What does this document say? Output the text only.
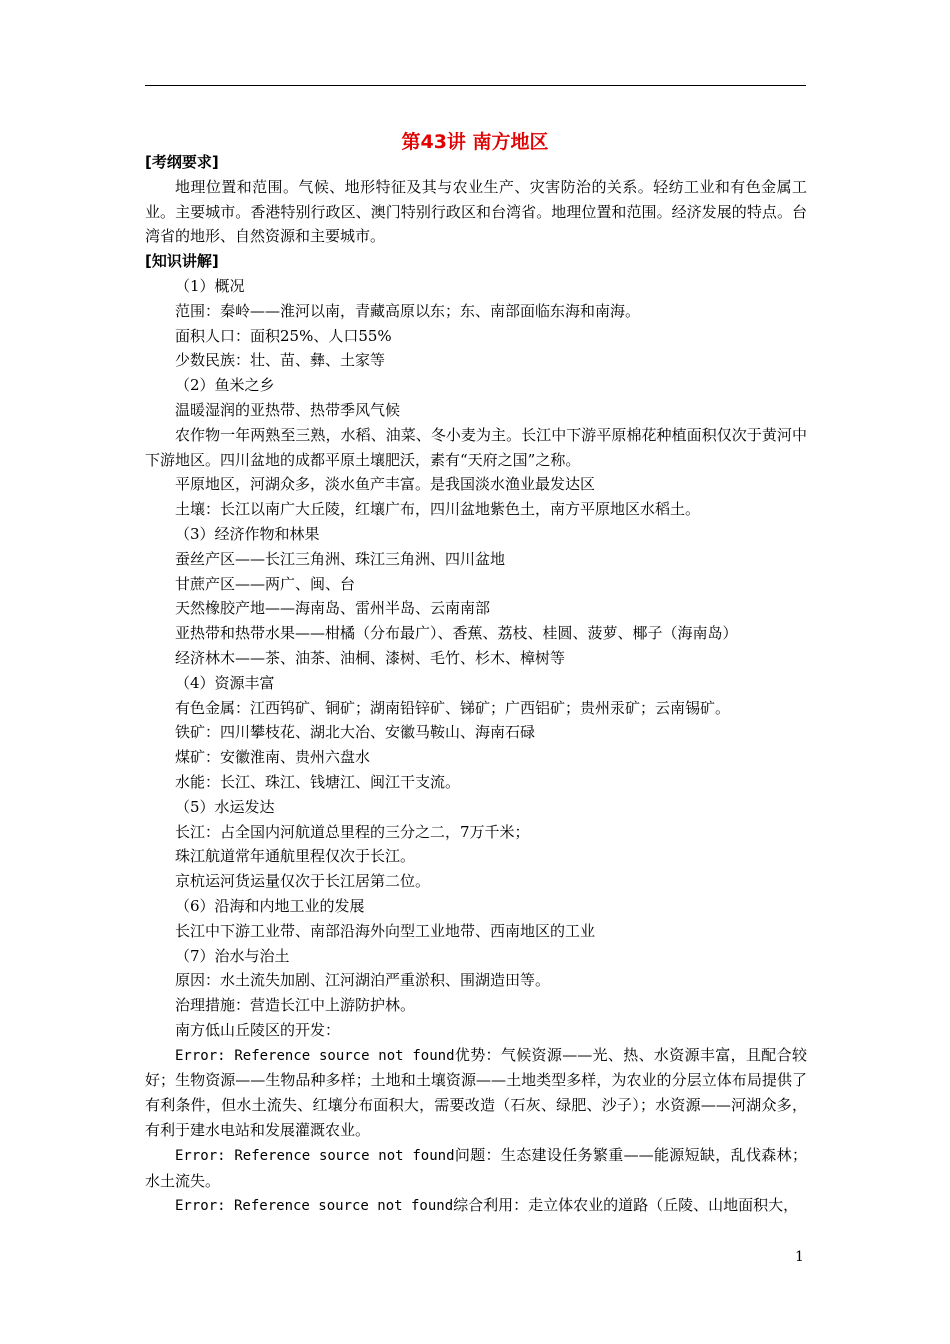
第43讲 南方地区

[考纲要求]

地理位置和范围。气候、地形特征及其与农业生产、灾害防治的关系。轻纺工业和有色金属工业。主要城市。香港特别行政区、澳门特别行政区和台湾省。地理位置和范围。经济发展的特点。台湾省的地形、自然资源和主要城市。

[知识讲解]

（1）概况

范围：秦岭——淮河以南，青藏高原以东；东、南部面临东海和南海。

面积人口：面积25%、人口55%

少数民族：壮、苗、彝、土家等

（2）鱼米之乡

温暖湿润的亚热带、热带季风气候

农作物一年两熟至三熟，水稻、油菜、冬小麦为主。长江中下游平原棉花种植面积仅次于黄河中下游地区。四川盆地的成都平原土壤肥沃，素有“天府之国”之称。

平原地区，河湖众多，淡水鱼产丰富。是我国淡水渔业最发达区

土壤：长江以南广大丘陵，红壤广布，四川盆地紫色土，南方平原地区水稻土。

（3）经济作物和林果

蚕丝产区——长江三角洲、珠江三角洲、四川盆地

甘蔗产区——两广、闽、台

天然橡胶产地——海南岛、雷州半岛、云南南部

亚热带和热带水果——柑橘（分布最广）、香蕉、荔枝、桂圆、菠萝、椰子（海南岛）

经济林木——茶、油茶、油桐、漆树、毛竹、杉木、樟树等

（4）资源丰富

有色金属：江西钨矿、铜矿；湖南铅锌矿、锑矿；广西铝矿；贵州汞矿；云南锡矿。

铁矿：四川攀枝花、湖北大冶、安徽马鞍山、海南石碌

煤矿：安徽淮南、贵州六盘水

水能：长江、珠江、钱塘江、闽江干支流。

（5）水运发达

长江：占全国内河航道总里程的三分之二，7万千米；

珠江航道常年通航里程仅次于长江。

京杭运河货运量仅次于长江居第二位。

（6）沿海和内地工业的发展

长江中下游工业带、南部沿海外向型工业地带、西南地区的工业

（7）治水与治土

原因：水土流失加剧、江河湖泊严重淤积、围湖造田等。

治理措施：营造长江中上游防护林。

南方低山丘陵区的开发：

Error: Reference source not found优势：气候资源——光、热、水资源丰富，且配合较好；生物资源——生物品种多样；土地和土壤资源——土地类型多样，为农业的分层立体布局提供了有利条件，但水土流失、红壤分布面积大，需要改造（石灰、绿肥、沙子）；水资源——河湖众多，有利于建水电站和发展灌溉农业。

Error: Reference source not found问题：生态建设任务繁重——能源短缺，乱伐森林；水土流失。

Error: Reference source not found综合利用：走立体农业的道路（丘陵、山地面积大，

1
